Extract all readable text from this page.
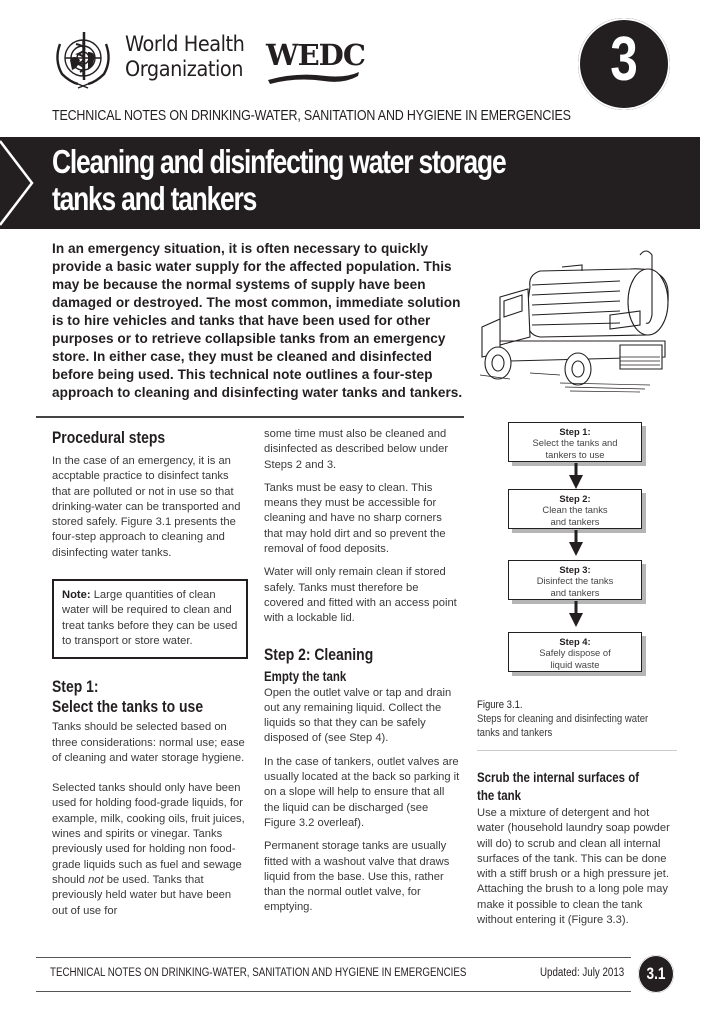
World Health
Organization WEDC	3
TECHNICAL NOTES ON DRINKING-WATER, SANITATION AND HYGIENE IN EMERGENCIES
Cleaning and disinfecting water storage
tanks and tankers
In an emergency situation, it is often necessary to quickly provide a basic water supply for the affected population. This may be because the normal systems of supply have been damaged or destroyed. The most common, immediate solution is to hire vehicles and tanks that have been used for other purposes or to retrieve collapsible tanks from an emergency store. In either case, they must be cleaned and disinfected before being used. This technical note outlines a four-step approach to cleaning and disinfecting water tanks and tankers.
Procedural steps

In the case of an emergency, it is an accptable practice to disinfect tanks that are polluted or not in use so that drinking-water can be transported and stored safely. Figure 3.1 presents the four-step approach to cleaning and disinfecting water tanks.

Note: Large quantities of clean water will be required to clean and treat tanks before they can be used to transport or store water.
Step 1:
Select the tanks to use

Tanks should be selected based on three considerations: normal use; ease of cleaning and water storage hygiene.

Selected tanks should only have been used for holding food-grade liquids, for example, milk, cooking oils, fruit juices, wines and spirits or vinegar. Tanks previously used for holding non food-grade liquids such as fuel and sewage should not be used. Tanks that previously held water but have been out of use for

some time must also be cleaned and disinfected as described below under Steps 2 and 3.

Tanks must be easy to clean. This means they must be accessible for cleaning and have no sharp corners that may hold dirt and so prevent the removal of food deposits.

Water will only remain clean if stored safely. Tanks must therefore be covered and fitted with an access point with a lockable lid.

Step 2: Cleaning
Empty the tank

Open the outlet valve or tap and drain out any remaining liquid. Collect the liquids so that they can be safely disposed of (see Step 4).

In the case of tankers, outlet valves are usually located at the back so parking it on a slope will help to ensure that all the liquid can be discharged (see Figure 3.2 overleaf).

Permanent storage tanks are usually fitted with a washout valve that draws liquid from the base. Use this, rather than the normal outlet valve, for emptying.

Step 1:
Select the tanks and
tankers to use
Step 2:
Clean the tanks
and tankers
Step 3:
Disinfect the tanks
and tankers
Step 4:
Safely dispose of
liquid waste
Figure 3.1.
Steps for cleaning and disinfecting water tanks and tankers
Scrub the internal surfaces of
the tank

Use a mixture of detergent and hot water (household laundry soap powder will do) to scrub and clean all internal surfaces of the tank. This can be done with a stiff brush or a high pressure jet. Attaching the brush to a long pole may make it possible to clean the tank without entering it (Figure 3.3).

TECHNICAL NOTES ON DRINKING-WATER, SANITATION AND HYGIENE IN EMERGENCIES	Updated: July 2013 3.1
